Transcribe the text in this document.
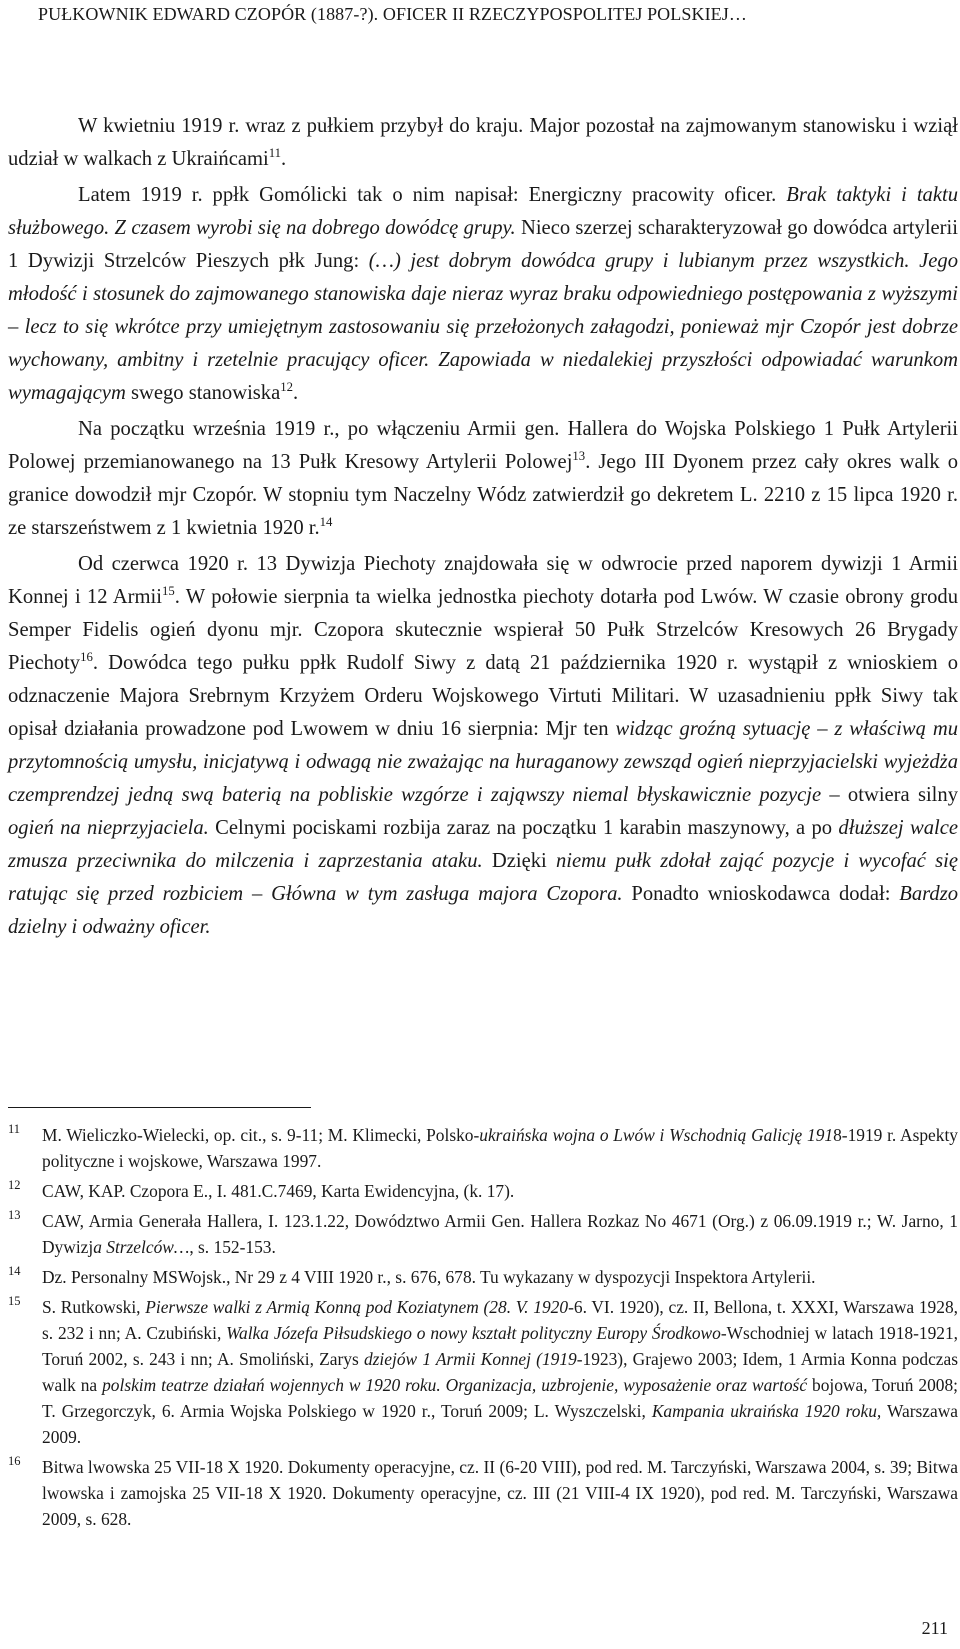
PUŁKOWNIK EDWARD CZOPÓR (1887-?). OFICER II RZECZYPOSPOLITEJ POLSKIEJ…

W kwietniu 1919 r. wraz z pułkiem przybył do kraju. Major pozostał na zajmowanym stanowisku i wziął udział w walkach z Ukraińcami$^{11}$.

Latem 1919 r. ppłk Gomólicki tak o nim napisał: Energiczny pracowity oficer. Brak taktyki i taktu służbowego. Z czasem wyrobi się na dobrego dowódcę grupy. Nieco szerzej scharakteryzował go dowódca artylerii 1 Dywizji Strzelców Pieszych płk Jung: (…) jest dobrym dowódca grupy i lubianym przez wszystkich. Jego młodość i stosunek do zajmowanego stanowiska daje nieraz wyraz braku odpowiedniego postępowania z wyższymi – lecz to się wkrótce przy umiejętnym zastosowaniu się przełożonych załagodzi, ponieważ mjr Czopór jest dobrze wychowany, ambitny i rzetelnie pracujący oficer. Zapowiada w niedalekiej przyszłości odpowiadać warunkom wymagającym swego stanowiska$^{12}$.

Na początku września 1919 r., po włączeniu Armii gen. Hallera do Wojska Polskiego 1 Pułk Artylerii Polowej przemianowanego na 13 Pułk Kresowy Artylerii Polowej$^{13}$. Jego III Dyonem przez cały okres walk o granice dowodził mjr Czopór. W stopniu tym Naczelny Wódz zatwierdził go dekretem L. 2210 z 15 lipca 1920 r. ze starszeństwem z 1 kwietnia 1920 r.$^{14}$

Od czerwca 1920 r. 13 Dywizja Piechoty znajdowała się w odwrocie przed naporem dywizji 1 Armii Konnej i 12 Armii$^{15}$. W połowie sierpnia ta wielka jednostka piechoty dotarła pod Lwów. W czasie obrony grodu Semper Fidelis ogień dyonu mjr. Czopora skutecznie wspierał 50 Pułk Strzelców Kresowych 26 Brygady Piechoty$^{16}$. Dowódca tego pułku ppłk Rudolf Siwy z datą 21 października 1920 r. wystąpił z wnioskiem o odznaczenie Majora Srebrnym Krzyżem Orderu Wojskowego Virtuti Militari. W uzasadnieniu ppłk Siwy tak opisał działania prowadzone pod Lwowem w dniu 16 sierpnia: Mjr ten widząc groźną sytuację – z właściwą mu przytomnością umysłu, inicjatywą i odwagą nie zważając na huraganowy zewsząd ogień nieprzyjacielski wyjeżdża czemprendzej jedną swą baterią na pobliskie wzgórze i zająwszy niemal błyskawicznie pozycje – otwiera silny ogień na nieprzyjaciela. Celnymi pociskami rozbija zaraz na początku 1 karabin maszynowy, a po dłuższej walce zmusza przeciwnika do milczenia i zaprzestania ataku. Dzięki niemu pułk zdołał zająć pozycje i wycofać się ratując się przed rozbiciem – Główna w tym zasługa majora Czopora. Ponadto wnioskodawca dodał: Bardzo dzielny i odważny oficer.

11	M. Wieliczko-Wielecki, op. cit., s. 9-11; M. Klimecki, Polsko-ukraińska wojna o Lwów i Wschodnią Galicję 1918-1919 r. Aspekty polityczne i wojskowe, Warszawa 1997.
12	CAW, KAP. Czopora E., I. 481.C.7469, Karta Ewidencyjna, (k. 17).
13	CAW, Armia Generała Hallera, I. 123.1.22, Dowództwo Armii Gen. Hallera Rozkaz No 4671 (Org.) z 06.09.1919 r.; W. Jarno, 1 Dywizja Strzelców…, s. 152-153.
14	Dz. Personalny MSWojsk., Nr 29 z 4 VIII 1920 r., s. 676, 678. Tu wykazany w dyspozycji Inspektora Artylerii.
15	S. Rutkowski, Pierwsze walki z Armią Konną pod Koziatynem (28. V. 1920-6. VI. 1920), cz. II, Bellona, t. XXXI, Warszawa 1928, s. 232 i nn; A. Czubiński, Walka Józefa Piłsudskiego o nowy kształt polityczny Europy Środkowo-Wschodniej w latach 1918-1921, Toruń 2002, s. 243 i nn; A. Smoliński, Zarys dziejów 1 Armii Konnej (1919-1923), Grajewo 2003; Idem, 1 Armia Konna podczas walk na polskim teatrze działań wojennych w 1920 roku. Organizacja, uzbrojenie, wyposażenie oraz wartość bojowa, Toruń 2008; T. Grzegorczyk, 6. Armia Wojska Polskiego w 1920 r., Toruń 2009; L. Wyszczelski, Kampania ukraińska 1920 roku, Warszawa 2009.
16	Bitwa lwowska 25 VII-18 X 1920. Dokumenty operacyjne, cz. II (6-20 VIII), pod red. M. Tarczyński, Warszawa 2004, s. 39; Bitwa lwowska i zamojska 25 VII-18 X 1920. Dokumenty operacyjne, cz. III (21 VIII-4 IX 1920), pod red. M. Tarczyński, Warszawa 2009, s. 628.
211
